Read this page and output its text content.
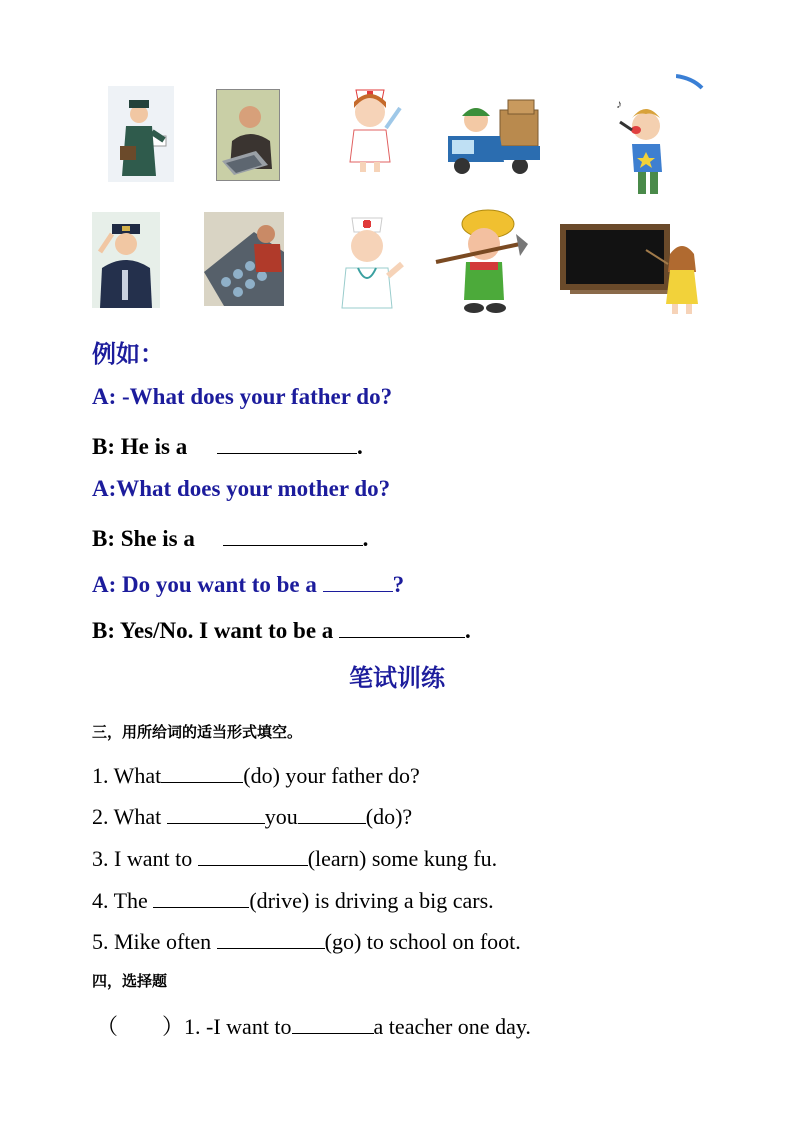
♪
例如：
A: -What does your father do?
B: He is a	.
A:What does your mother do?
B: She is a	.
A: Do you want to be a	?
B: Yes/No. I want to be a	.
笔试训练
三，用所给词的适当形式填空。
1. What	(do) your father do?
2. What	you	(do)?
3. I want to	(learn) some kung fu.
4. The	(drive) is driving a big cars.
5. Mike often	(go) to school on foot.
四，选择题
（　　）1. -I want to	a teacher one day.
